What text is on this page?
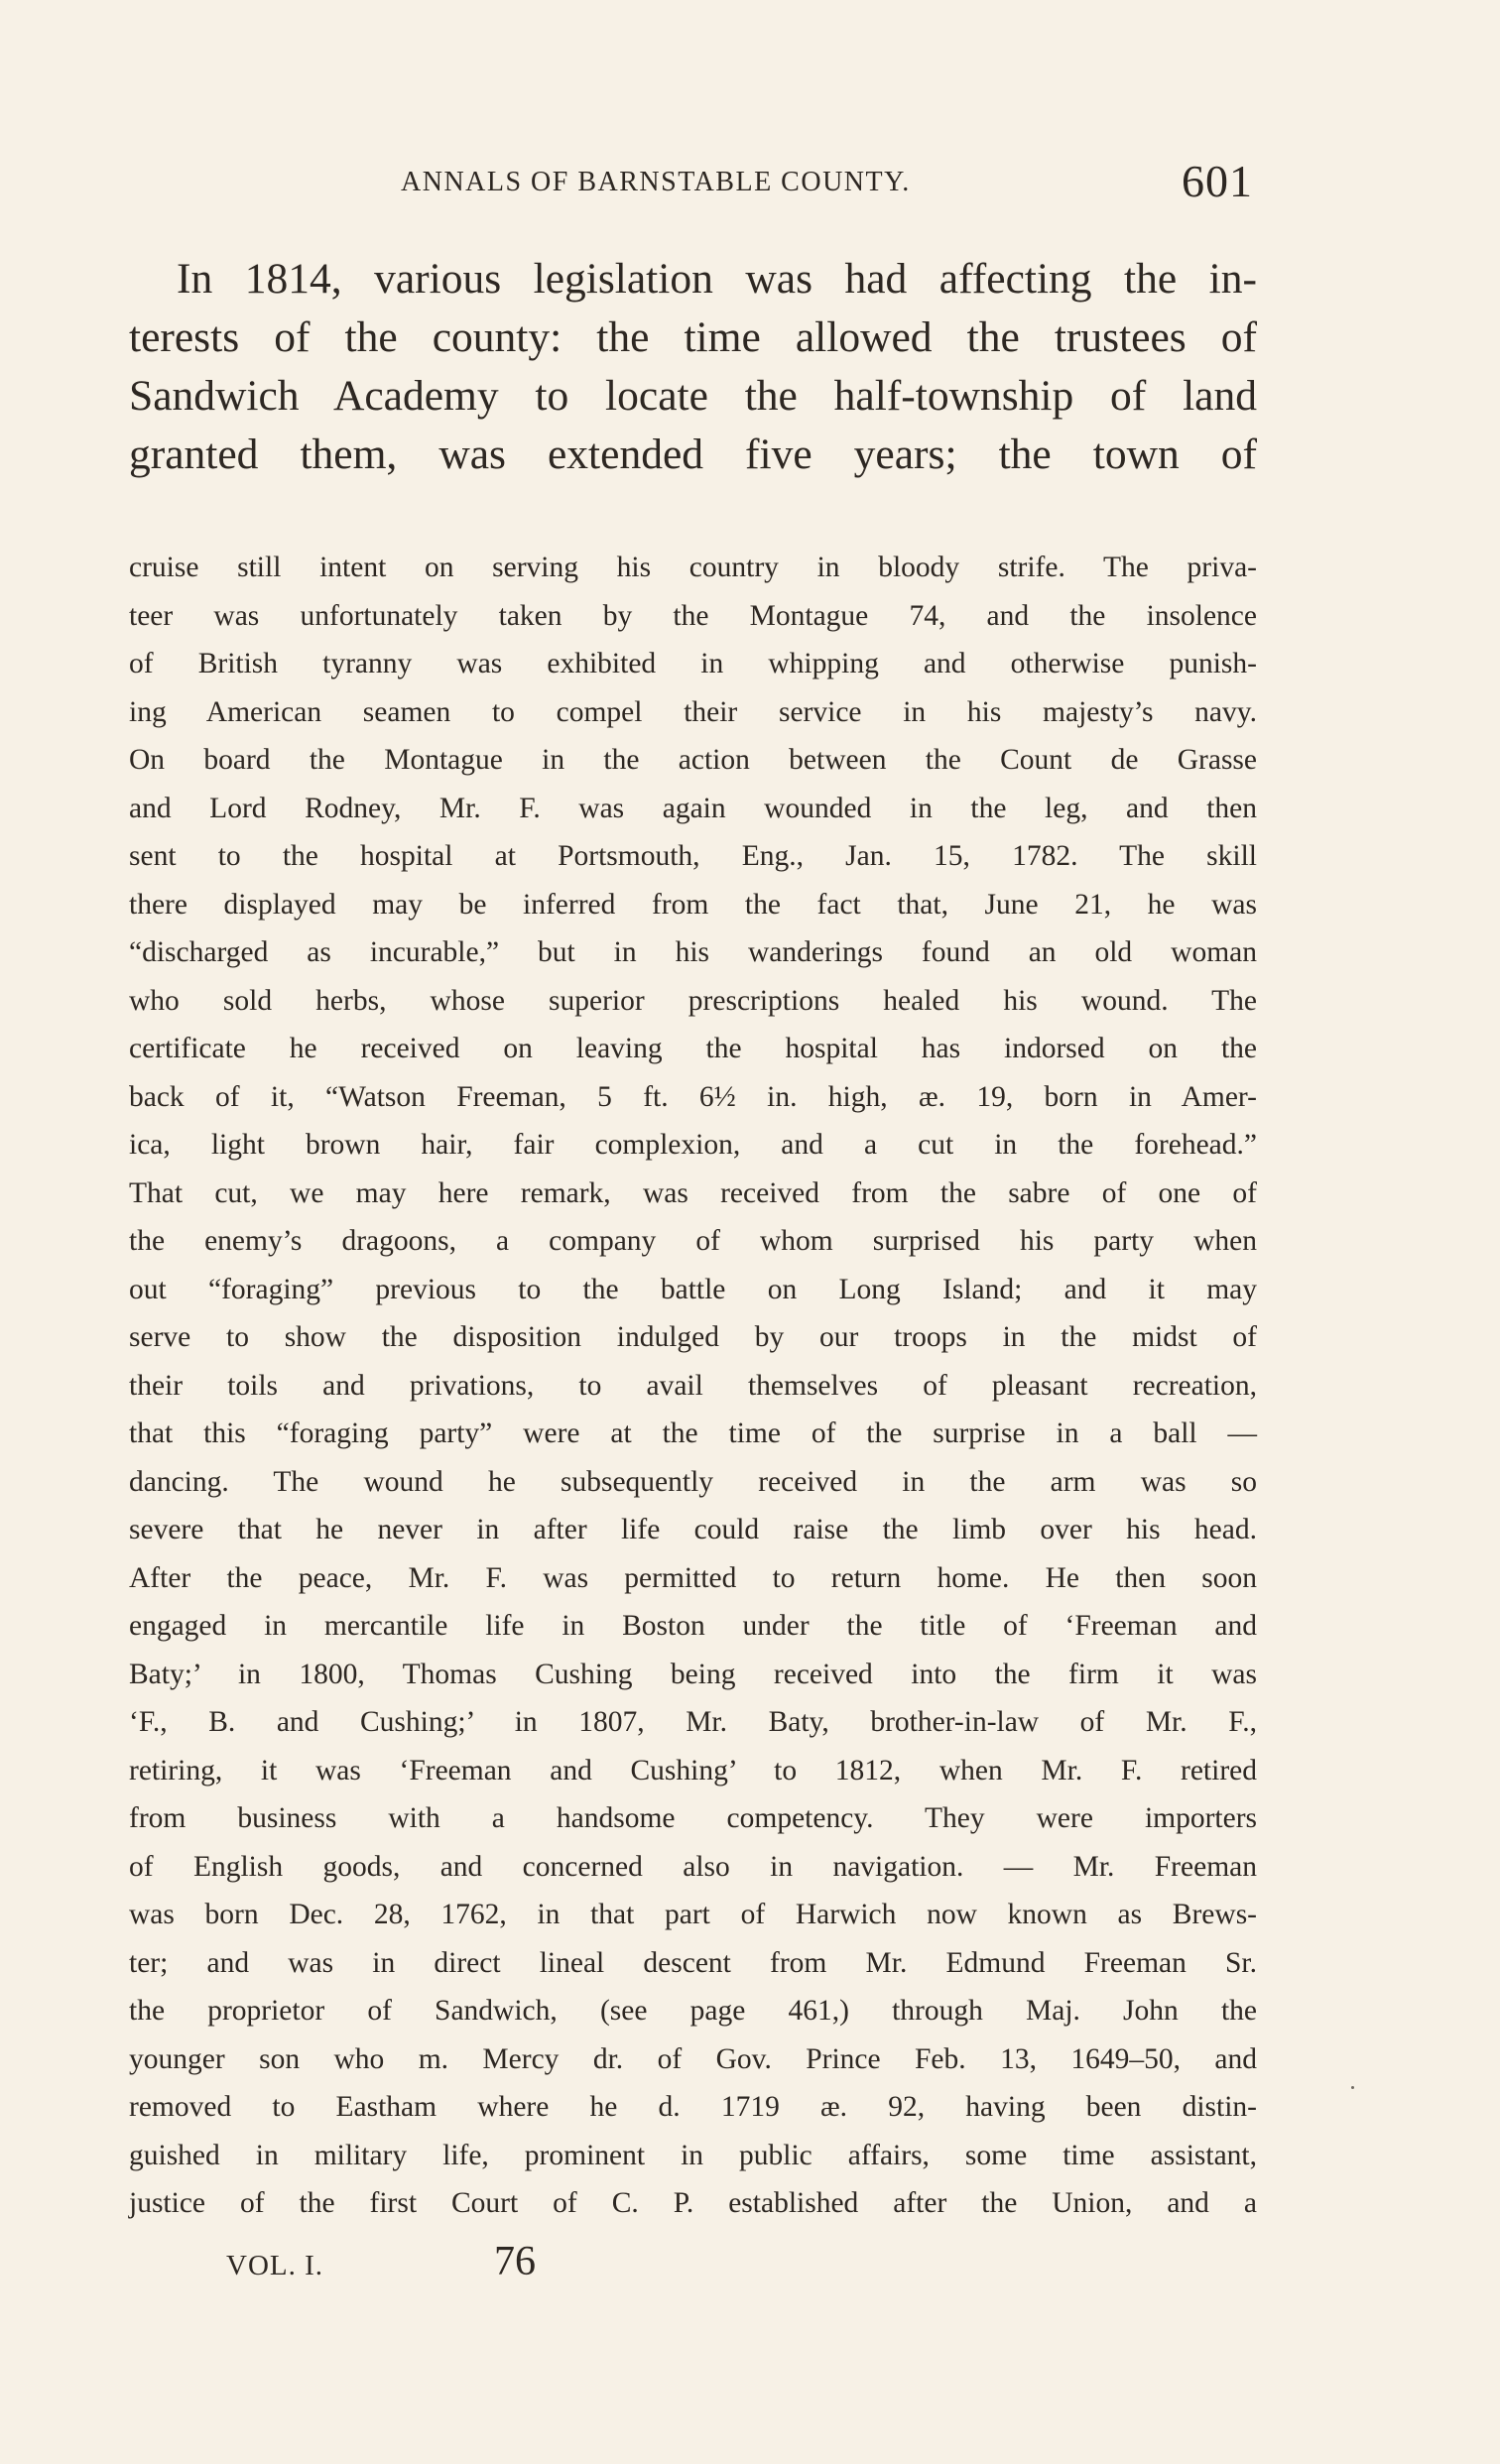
ANNALS OF BARNSTABLE COUNTY.	601
In 1814, various legislation was had affecting the in-
terests of the county: the time allowed the trustees of
Sandwich Academy to locate the half-township of land
granted them, was extended five years; the town of
cruise still intent on serving his country in bloody strife. The priva-
teer was unfortunately taken by the Montague 74, and the insolence
of British tyranny was exhibited in whipping and otherwise punish-
ing American seamen to compel their service in his majesty’s navy.
On board the Montague in the action between the Count de Grasse
and Lord Rodney, Mr. F. was again wounded in the leg, and then
sent to the hospital at Portsmouth, Eng., Jan. 15, 1782. The skill
there displayed may be inferred from the fact that, June 21, he was
“discharged as incurable,” but in his wanderings found an old woman
who sold herbs, whose superior prescriptions healed his wound. The
certificate he received on leaving the hospital has indorsed on the
back of it, “Watson Freeman, 5 ft. 6½ in. high, æ. 19, born in Amer-
ica, light brown hair, fair complexion, and a cut in the forehead.”
That cut, we may here remark, was received from the sabre of one of
the enemy’s dragoons, a company of whom surprised his party when
out “foraging” previous to the battle on Long Island; and it may
serve to show the disposition indulged by our troops in the midst of
their toils and privations, to avail themselves of pleasant recreation,
that this “foraging party” were at the time of the surprise in a ball —
dancing. The wound he subsequently received in the arm was so
severe that he never in after life could raise the limb over his head.
After the peace, Mr. F. was permitted to return home. He then soon
engaged in mercantile life in Boston under the title of ‘Freeman and
Baty;’ in 1800, Thomas Cushing being received into the firm it was
‘F., B. and Cushing;’ in 1807, Mr. Baty, brother-in-law of Mr. F.,
retiring, it was ‘Freeman and Cushing’ to 1812, when Mr. F. retired
from business with a handsome competency. They were importers
of English goods, and concerned also in navigation. — Mr. Freeman
was born Dec. 28, 1762, in that part of Harwich now known as Brews-
ter; and was in direct lineal descent from Mr. Edmund Freeman Sr.
the proprietor of Sandwich, (see page 461,) through Maj. John the
younger son who m. Mercy dr. of Gov. Prince Feb. 13, 1649–50, and
removed to Eastham where he d. 1719 æ. 92, having been distin-
guished in military life, prominent in public affairs, some time assistant,
justice of the first Court of C. P. established after the Union, and a
VOL. I.	76
